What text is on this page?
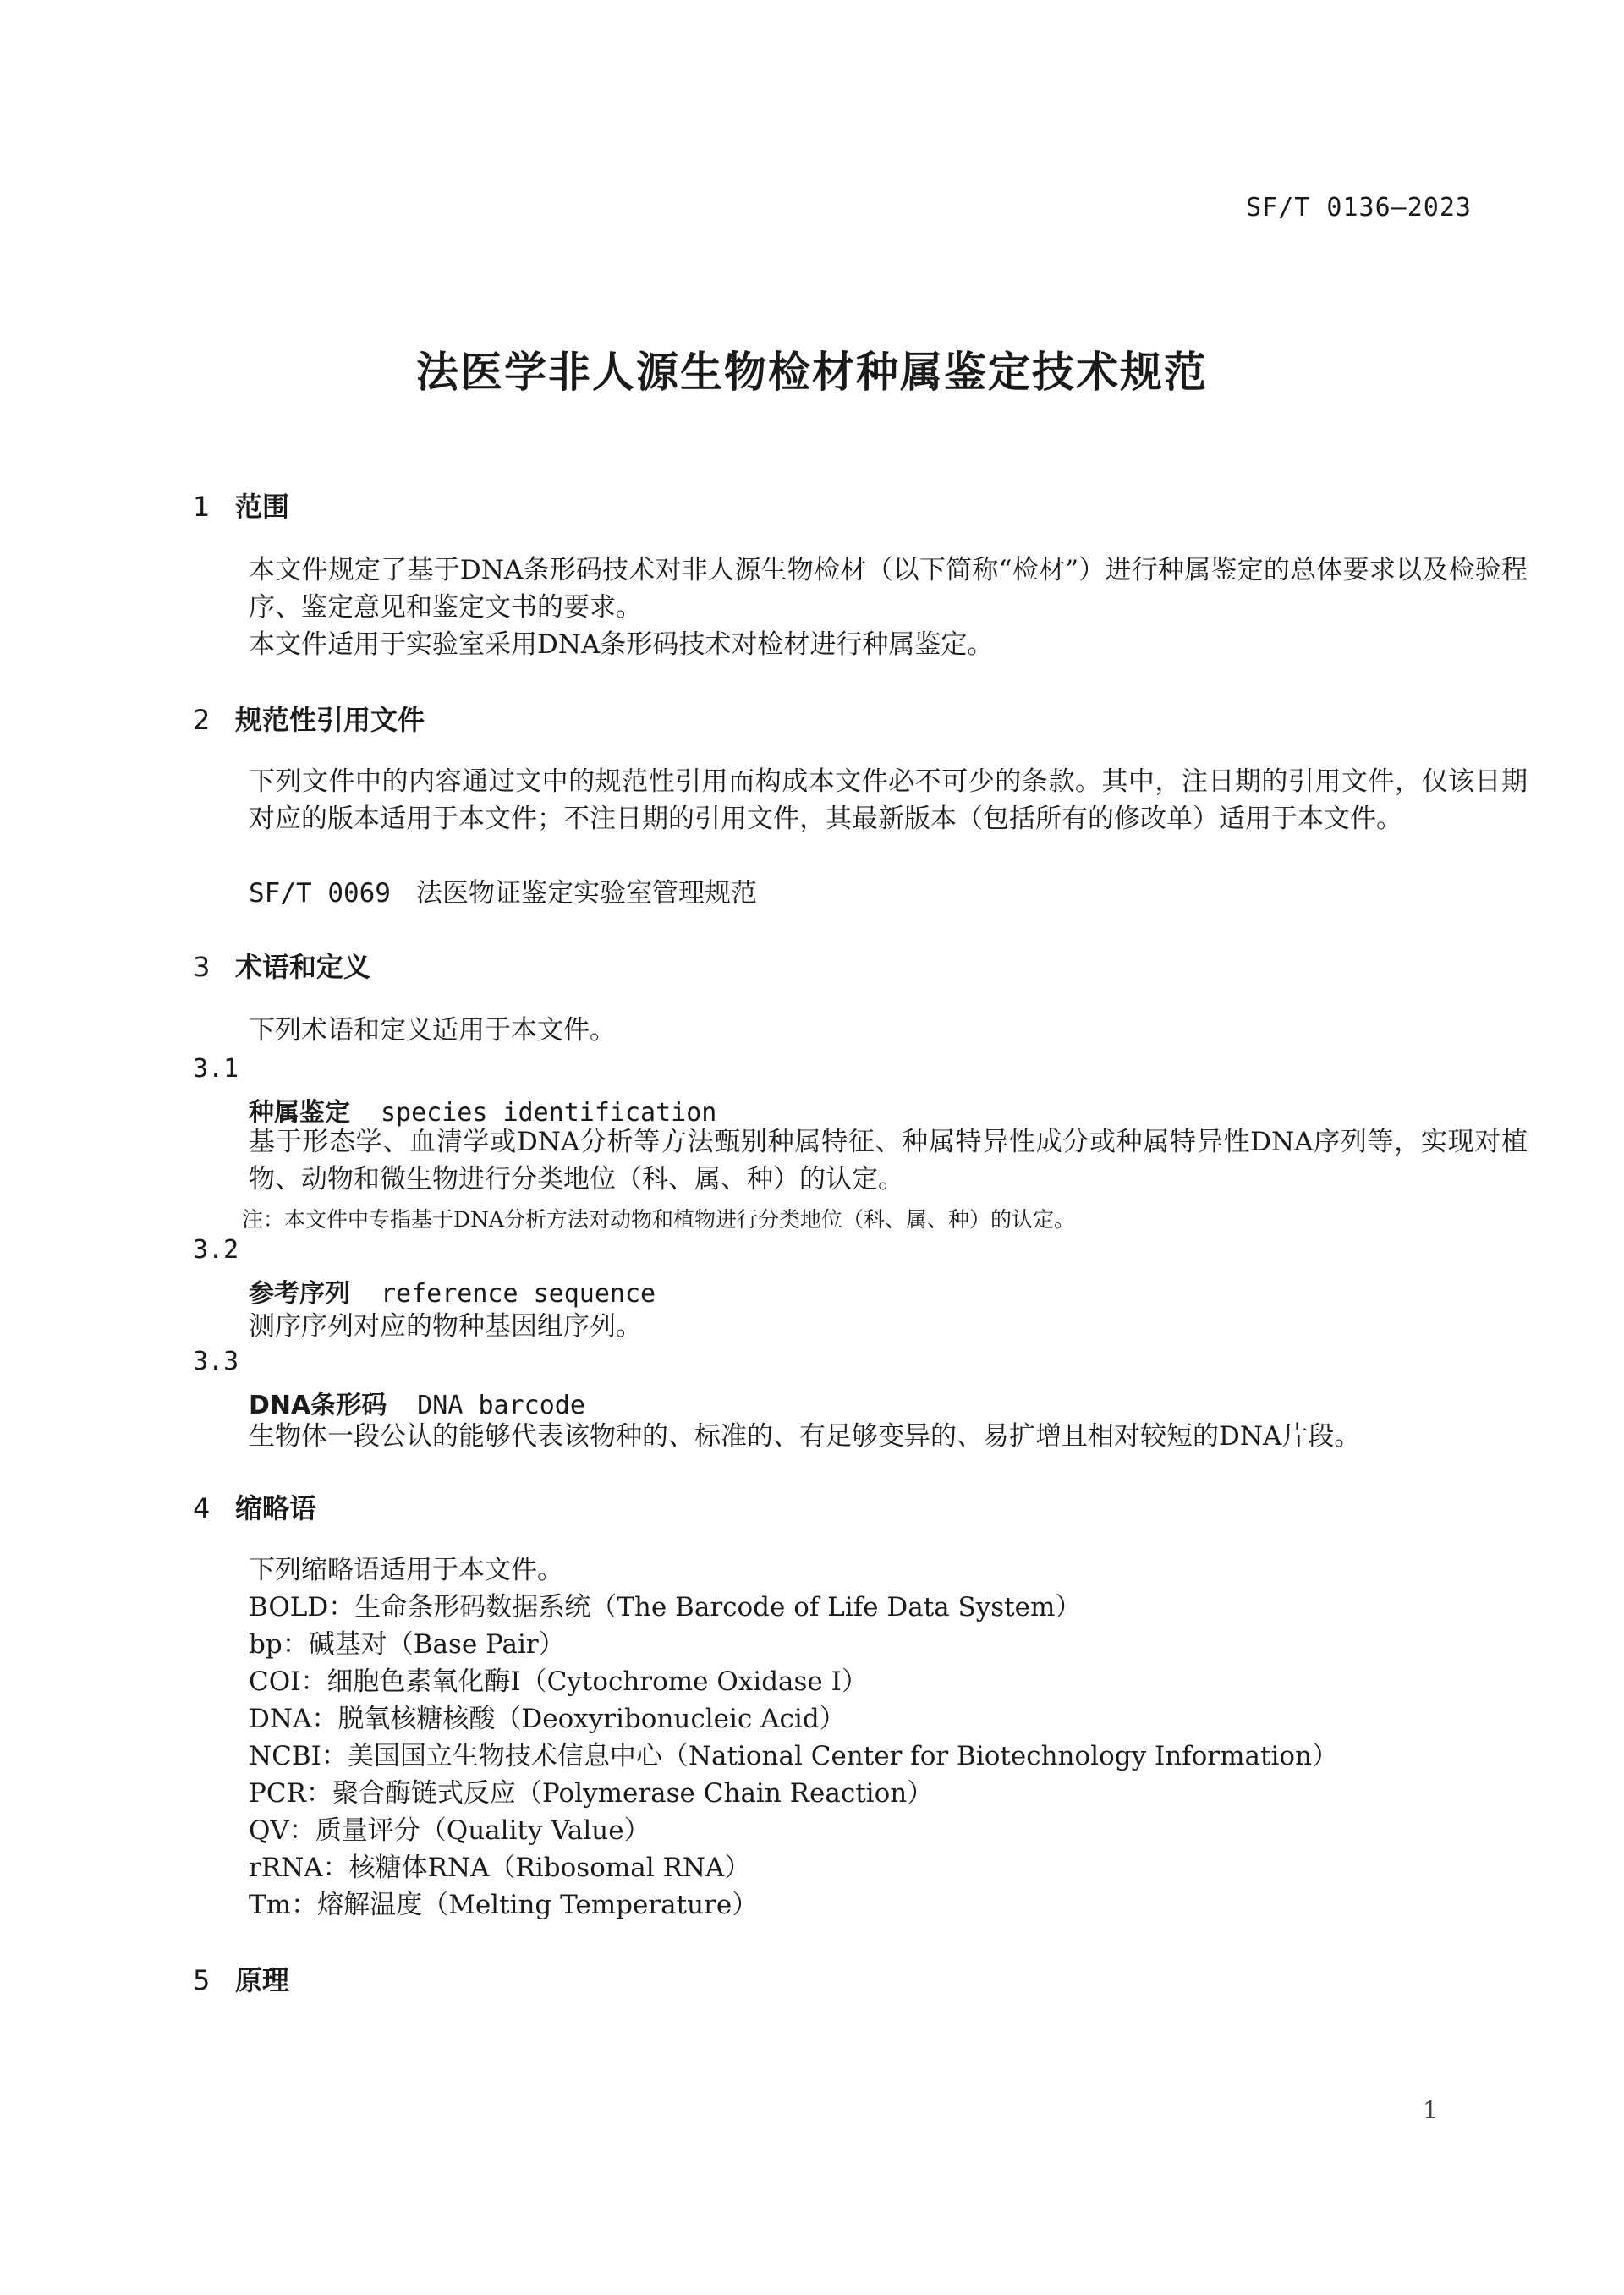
SF/T 0136—2023
法医学非人源生物检材种属鉴定技术规范
1 范围
本文件规定了基于DNA条形码技术对非人源生物检材（以下简称“检材”）进行种属鉴定的总体要求以及检验程序、鉴定意见和鉴定文书的要求。
本文件适用于实验室采用DNA条形码技术对检材进行种属鉴定。
2 规范性引用文件
下列文件中的内容通过文中的规范性引用而构成本文件必不可少的条款。其中，注日期的引用文件，仅该日期对应的版本适用于本文件；不注日期的引用文件，其最新版本（包括所有的修改单）适用于本文件。
SF/T 0069 法医物证鉴定实验室管理规范
3 术语和定义
下列术语和定义适用于本文件。
3.1
种属鉴定 species identification
基于形态学、血清学或DNA分析等方法甄别种属特征、种属特异性成分或种属特异性DNA序列等，实现对植物、动物和微生物进行分类地位（科、属、种）的认定。
注：本文件中专指基于DNA分析方法对动物和植物进行分类地位（科、属、种）的认定。
3.2
参考序列 reference sequence
测序序列对应的物种基因组序列。
3.3
DNA条形码 DNA barcode
生物体一段公认的能够代表该物种的、标准的、有足够变异的、易扩增且相对较短的DNA片段。
4 缩略语
下列缩略语适用于本文件。
BOLD：生命条形码数据系统（The Barcode of Life Data System）
bp：碱基对（Base Pair）
COI：细胞色素氧化酶Ⅰ（Cytochrome Oxidase Ⅰ）
DNA：脱氧核糖核酸（Deoxyribonucleic Acid）
NCBI：美国国立生物技术信息中心（National Center for Biotechnology Information）
PCR：聚合酶链式反应（Polymerase Chain Reaction）
QV：质量评分（Quality Value）
rRNA：核糖体RNA（Ribosomal RNA）
Tm：熔解温度（Melting Temperature）
5 原理
1
